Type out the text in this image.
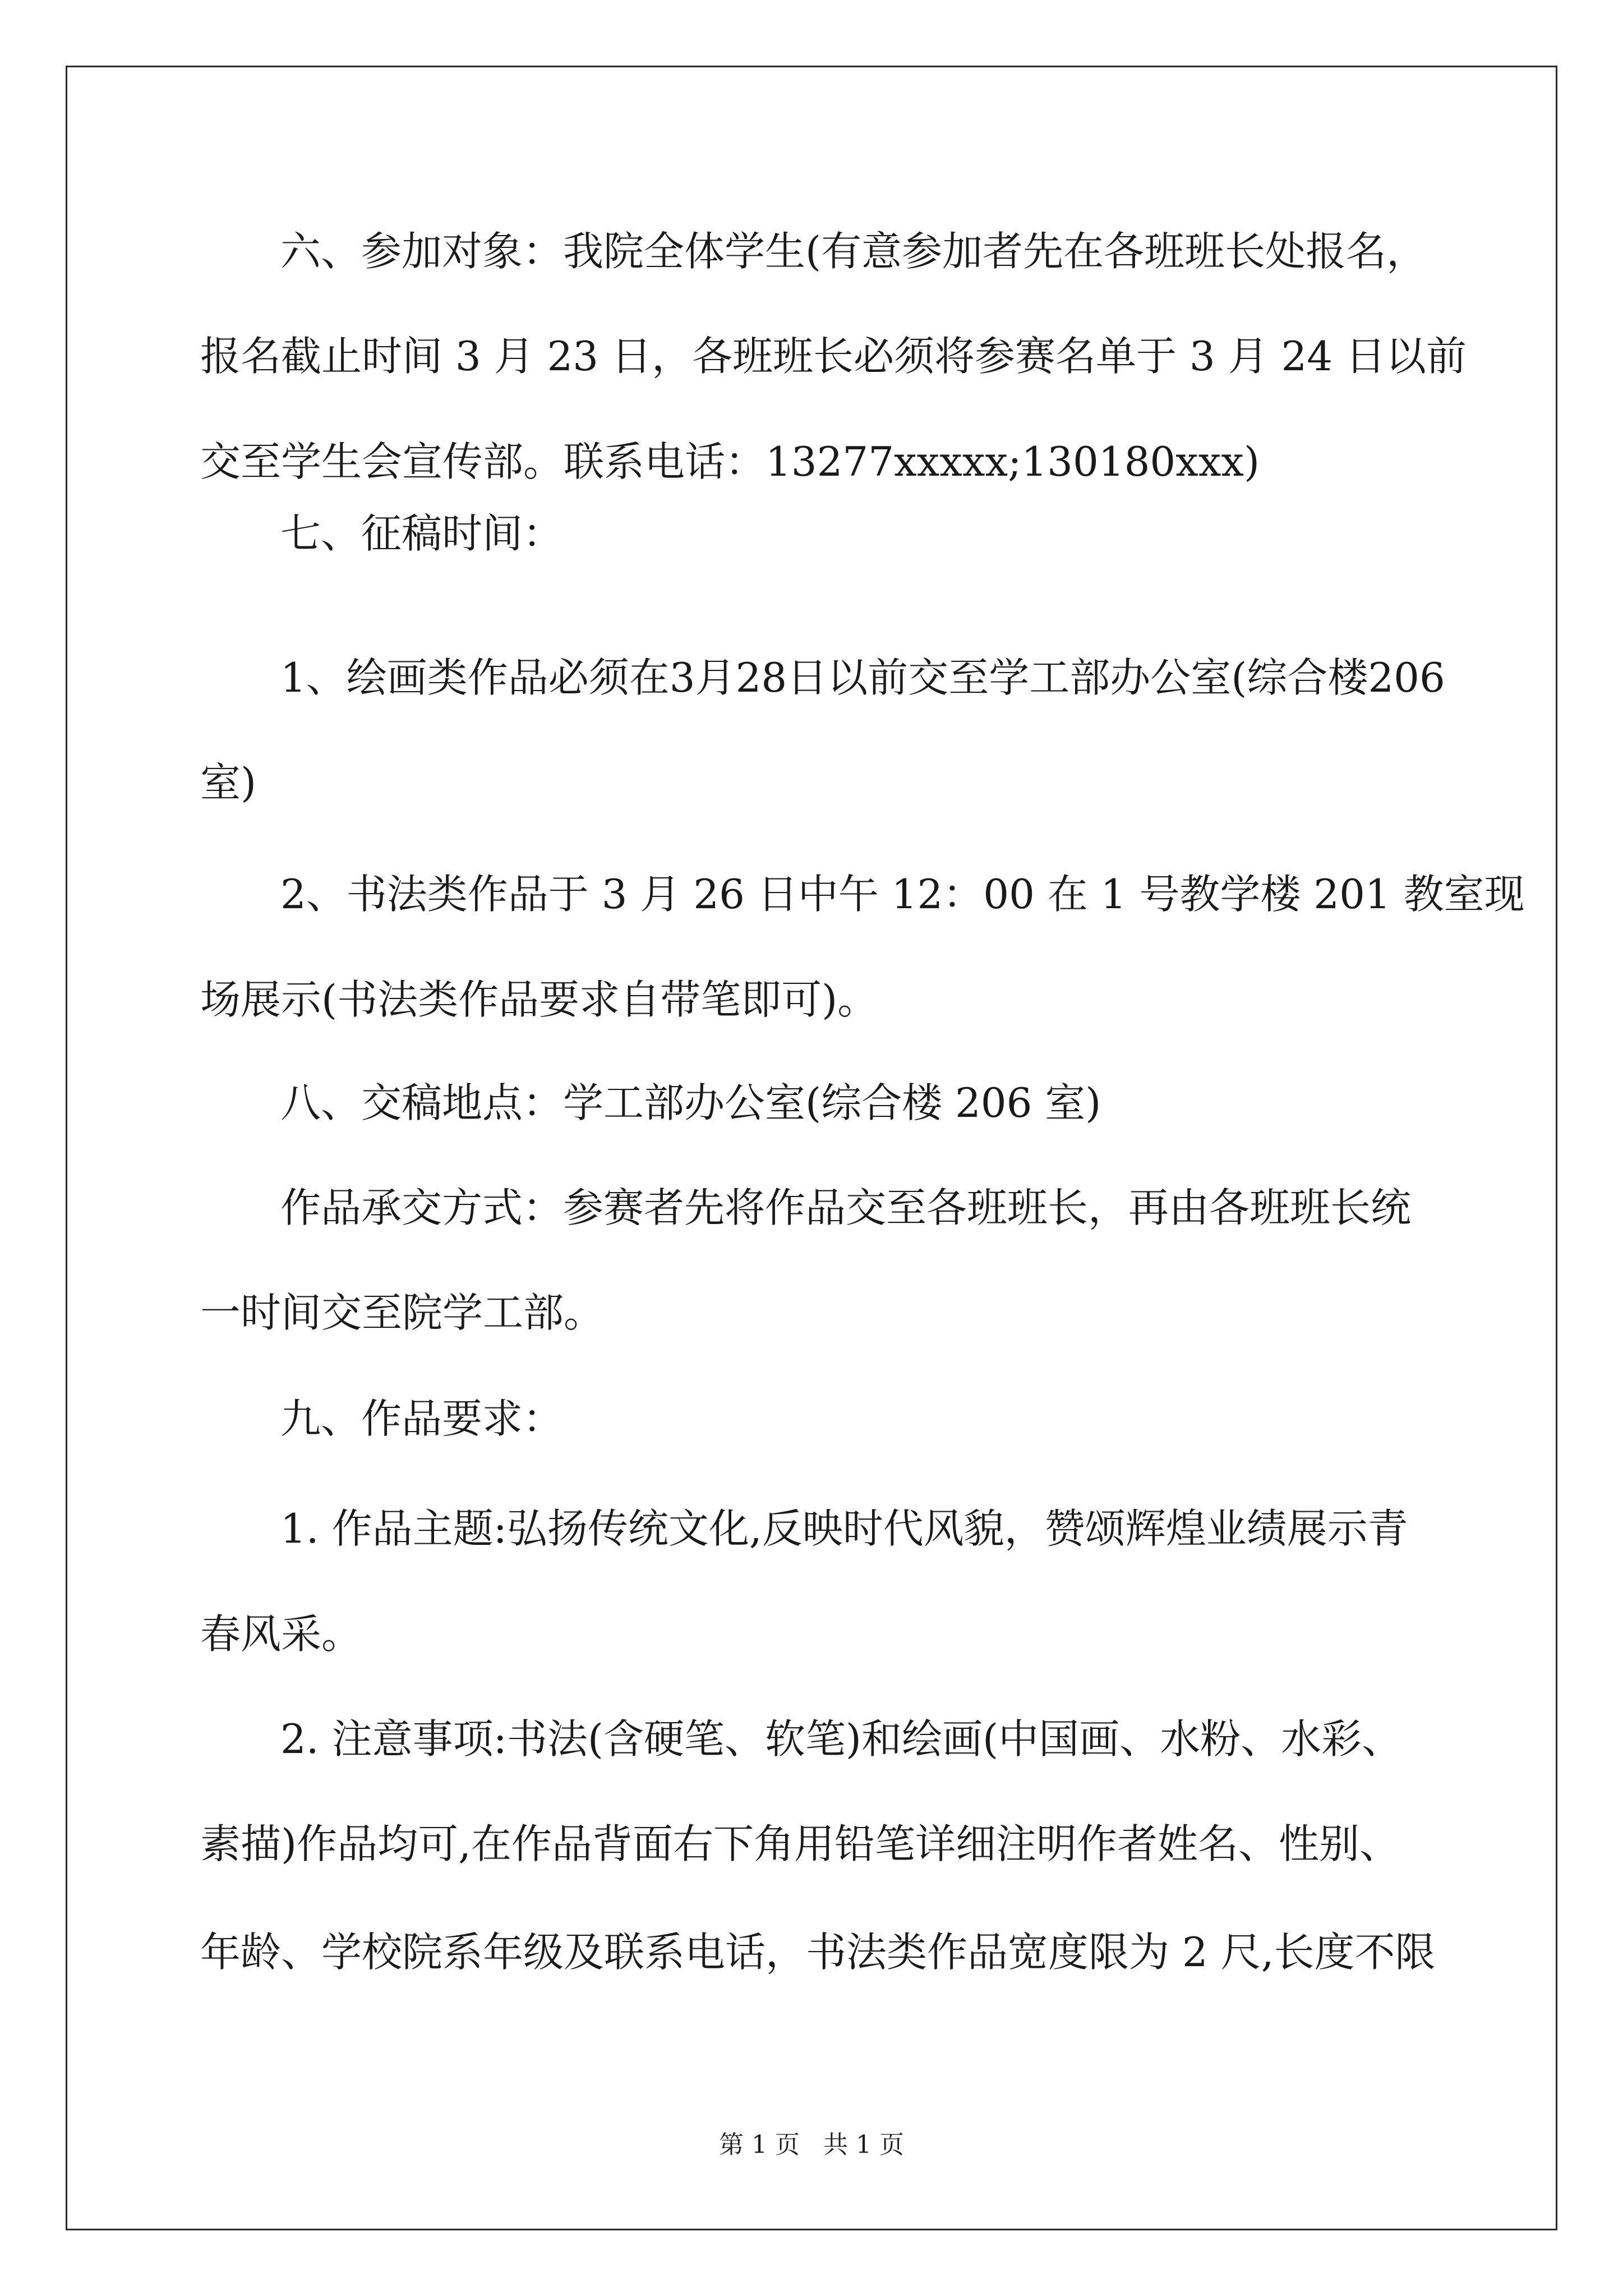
六、参加对象：我院全体学生(有意参加者先在各班班长处报名，
报名截止时间 3 月 23 日，各班班长必须将参赛名单于 3 月 24 日以前
交至学生会宣传部。联系电话：13277xxxxx;130180xxx)
七、征稿时间：
1、绘画类作品必须在3月28日以前交至学工部办公室(综合楼206
室)
2、书法类作品于 3 月 26 日中午 12：00 在 1 号教学楼 201 教室现
场展示(书法类作品要求自带笔即可)。
八、交稿地点：学工部办公室(综合楼 206 室)
作品承交方式：参赛者先将作品交至各班班长，再由各班班长统
一时间交至院学工部。
九、作品要求：
1. 作品主题:弘扬传统文化,反映时代风貌，赞颂辉煌业绩展示青
春风采。
2. 注意事项:书法(含硬笔、软笔)和绘画(中国画、水粉、水彩、
素描)作品均可,在作品背面右下角用铅笔详细注明作者姓名、性别、
年龄、学校院系年级及联系电话，书法类作品宽度限为 2 尺,长度不限
第 1 页   共 1 页
